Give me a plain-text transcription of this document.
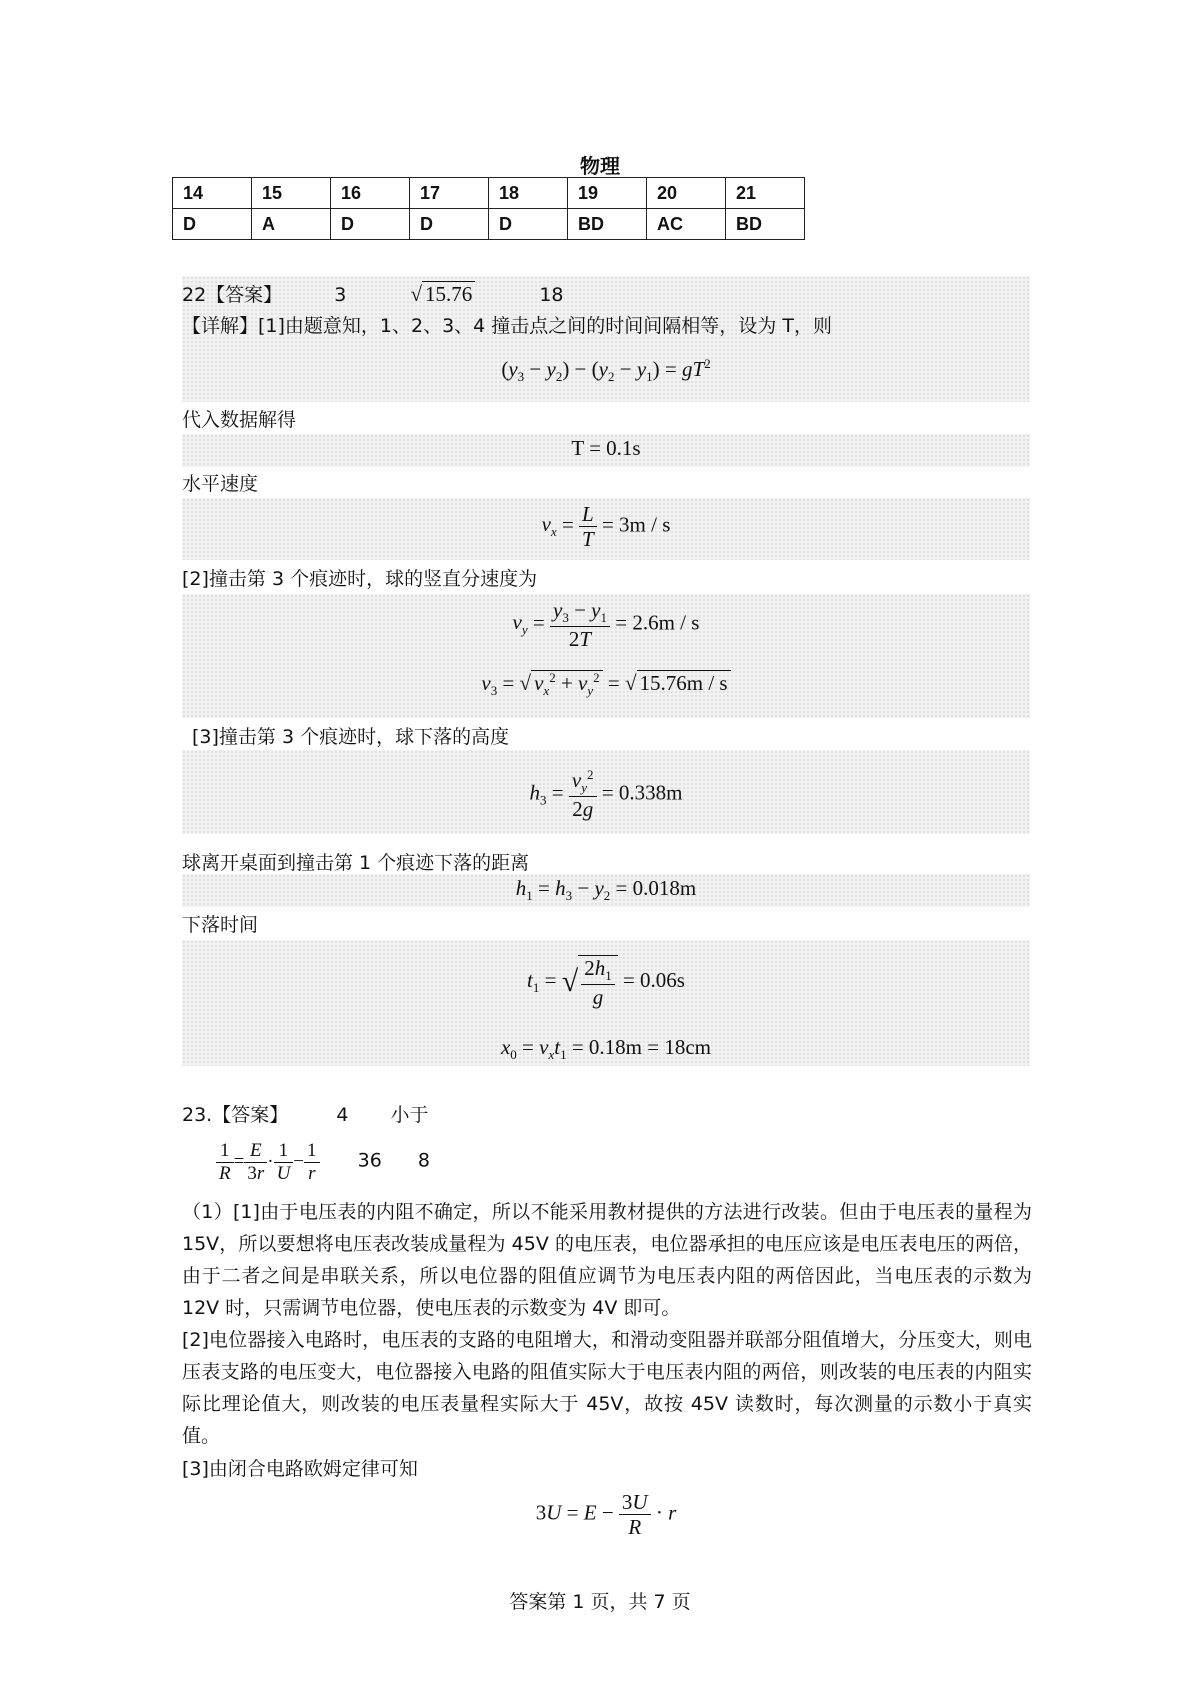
物理
14	15	16	17	18	19	20	21
D	A	D	D	D	BD	AC	BD
22【答案】	3	√ 15.76	18
【详解】[1]由题意知，1、2、3、4 撞击点之间的时间间隔相等，设为 T，则
$(y_3 - y_2) - (y_2 - y_1) = gT^2$
代入数据解得
T = 0.1s
水平速度
$v_x = \frac{L}{T} = 3m / s$
[2]撞击第 3 个痕迹时，球的竖直分速度为
$v_y = \frac{y_3 - y_1}{2T} = 2.6m / s$
$v_3$ = √ $v_x^2 + v_y^2$ = √ 15.76m / s
[3]撞击第 3 个痕迹时，球下落的高度
$h_3 = \frac{v_y^2}{2g} = 0.338m$
球离开桌面到撞击第 1 个痕迹下落的距离
$h_1 = h_3 - y_2 = 0.018m$
下落时间
$t_1$ = √ $\frac{2h_1}{g} = 0.06s$
$x_0 = v_xt_1 = 0.18m = 18cm$
23.【答案】	4 小于
$\frac{1}{R} = \frac{E}{3r} \cdot \frac{1}{U} - \frac{1}{r} 36$ 8
（1）[1]由于电压表的内阻不确定，所以不能采用教材提供的方法进行改装。但由于电压表的量程为 15V，所以要想将电压表改装成量程为 45V 的电压表，电位器承担的电压应该是电压表电压的两倍，由于二者之间是串联关系，所以电位器的阻值应调节为电压表内阻的两倍因此，当电压表的示数为 12V 时，只需调节电位器，使电压表的示数变为 4V 即可。
[2]电位器接入电路时，电压表的支路的电阻增大，和滑动变阻器并联部分阻值增大，分压变大，则电压表支路的电压变大，电位器接入电路的阻值实际大于电压表内阻的两倍，则改装的电压表的内阻实际比理论值大，则改装的电压表量程实际大于 45V，故按 45V 读数时，每次测量的示数小于真实值。
[3]由闭合电路欧姆定律可知
$3U = E - \frac{3U}{R} \cdot r$
答案第 1 页，共 7 页
